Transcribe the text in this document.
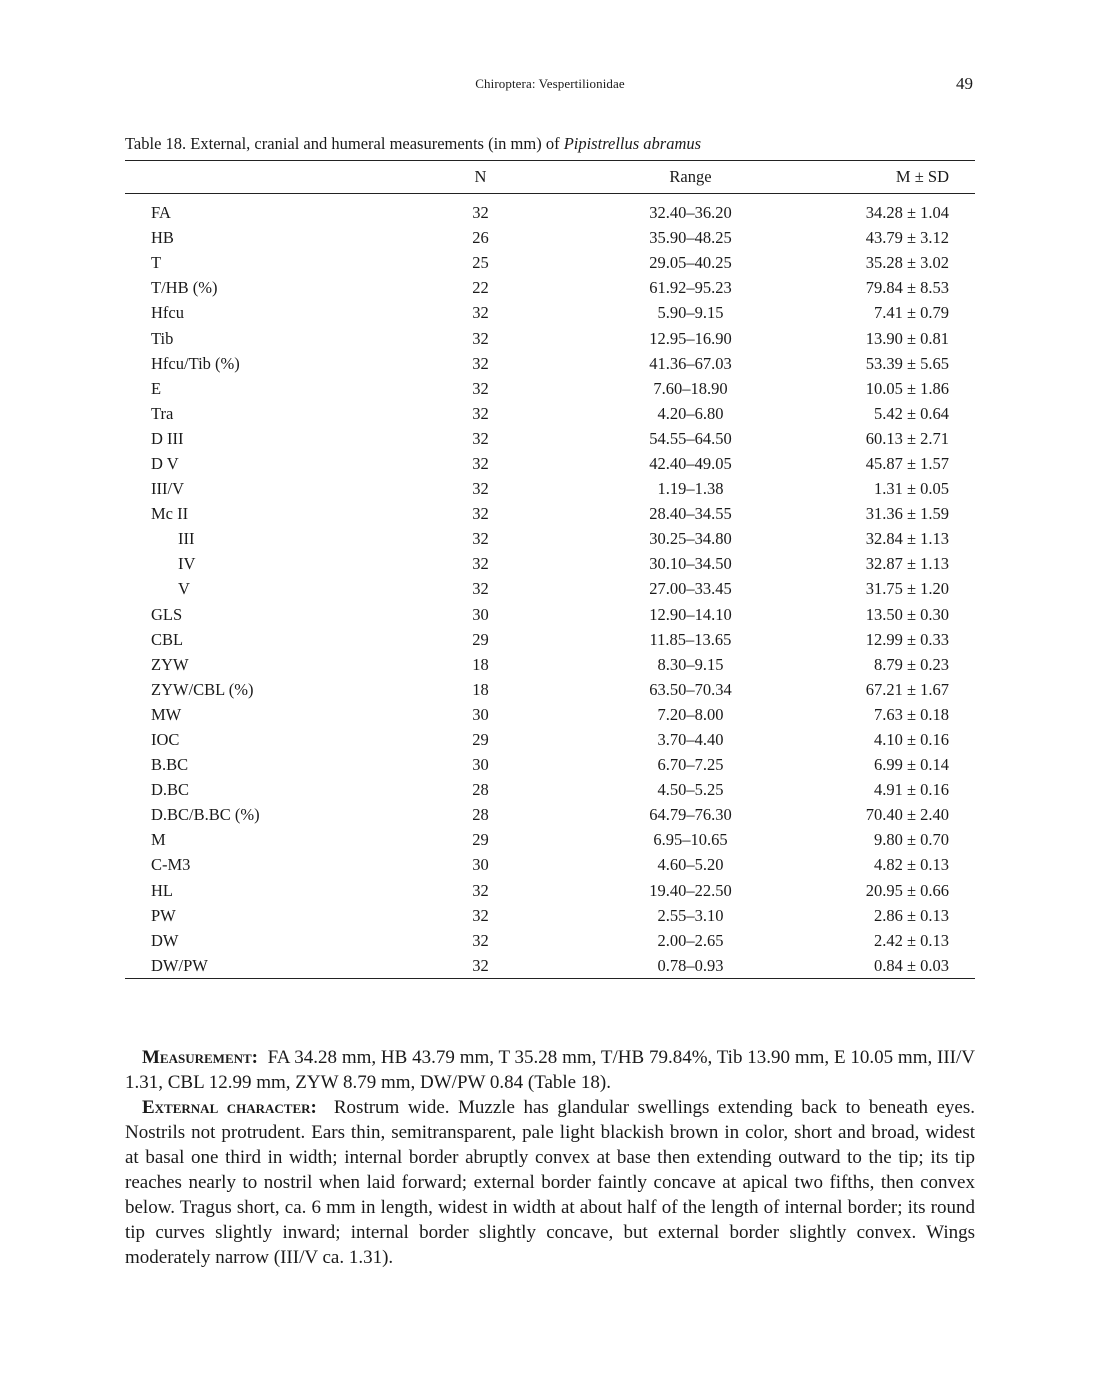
Chiroptera: Vespertilionidae	49
Table 18. External, cranial and humeral measurements (in mm) of Pipistrellus abramus
	N	Range	M ± SD
FA	32	32.40–36.20	34.28 ± 1.04
HB	26	35.90–48.25	43.79 ± 3.12
T	25	29.05–40.25	35.28 ± 3.02
T/HB (%)	22	61.92–95.23	79.84 ± 8.53
Hfcu	32	5.90–9.15	7.41 ± 0.79
Tib	32	12.95–16.90	13.90 ± 0.81
Hfcu/Tib (%)	32	41.36–67.03	53.39 ± 5.65
E	32	7.60–18.90	10.05 ± 1.86
Tra	32	4.20–6.80	5.42 ± 0.64
D III	32	54.55–64.50	60.13 ± 2.71
D V	32	42.40–49.05	45.87 ± 1.57
III/V	32	1.19–1.38	1.31 ± 0.05
Mc II	32	28.40–34.55	31.36 ± 1.59
III	32	30.25–34.80	32.84 ± 1.13
IV	32	30.10–34.50	32.87 ± 1.13
V	32	27.00–33.45	31.75 ± 1.20
GLS	30	12.90–14.10	13.50 ± 0.30
CBL	29	11.85–13.65	12.99 ± 0.33
ZYW	18	8.30–9.15	8.79 ± 0.23
ZYW/CBL (%)	18	63.50–70.34	67.21 ± 1.67
MW	30	7.20–8.00	7.63 ± 0.18
IOC	29	3.70–4.40	4.10 ± 0.16
B.BC	30	6.70–7.25	6.99 ± 0.14
D.BC	28	4.50–5.25	4.91 ± 0.16
D.BC/B.BC (%)	28	64.79–76.30	70.40 ± 2.40
M	29	6.95–10.65	9.80 ± 0.70
C-M3	30	4.60–5.20	4.82 ± 0.13
HL	32	19.40–22.50	20.95 ± 0.66
PW	32	2.55–3.10	2.86 ± 0.13
DW	32	2.00–2.65	2.42 ± 0.13
DW/PW	32	0.78–0.93	0.84 ± 0.03

Measurement: FA 34.28 mm, HB 43.79 mm, T 35.28 mm, T/HB 79.84%, Tib 13.90 mm, E 10.05 mm, III/V 1.31, CBL 12.99 mm, ZYW 8.79 mm, DW/PW 0.84 (Table 18).

External character: Rostrum wide. Muzzle has glandular swellings extending back to beneath eyes. Nostrils not protrudent. Ears thin, semitransparent, pale light blackish brown in color, short and broad, widest at basal one third in width; internal border abruptly convex at base then extending outward to the tip; its tip reaches nearly to nostril when laid forward; external border faintly concave at apical two fifths, then convex below. Tragus short, ca. 6 mm in length, widest in width at about half of the length of internal border; its round tip curves slightly inward; internal border slightly concave, but external border slightly convex. Wings moderately narrow (III/V ca. 1.31).
